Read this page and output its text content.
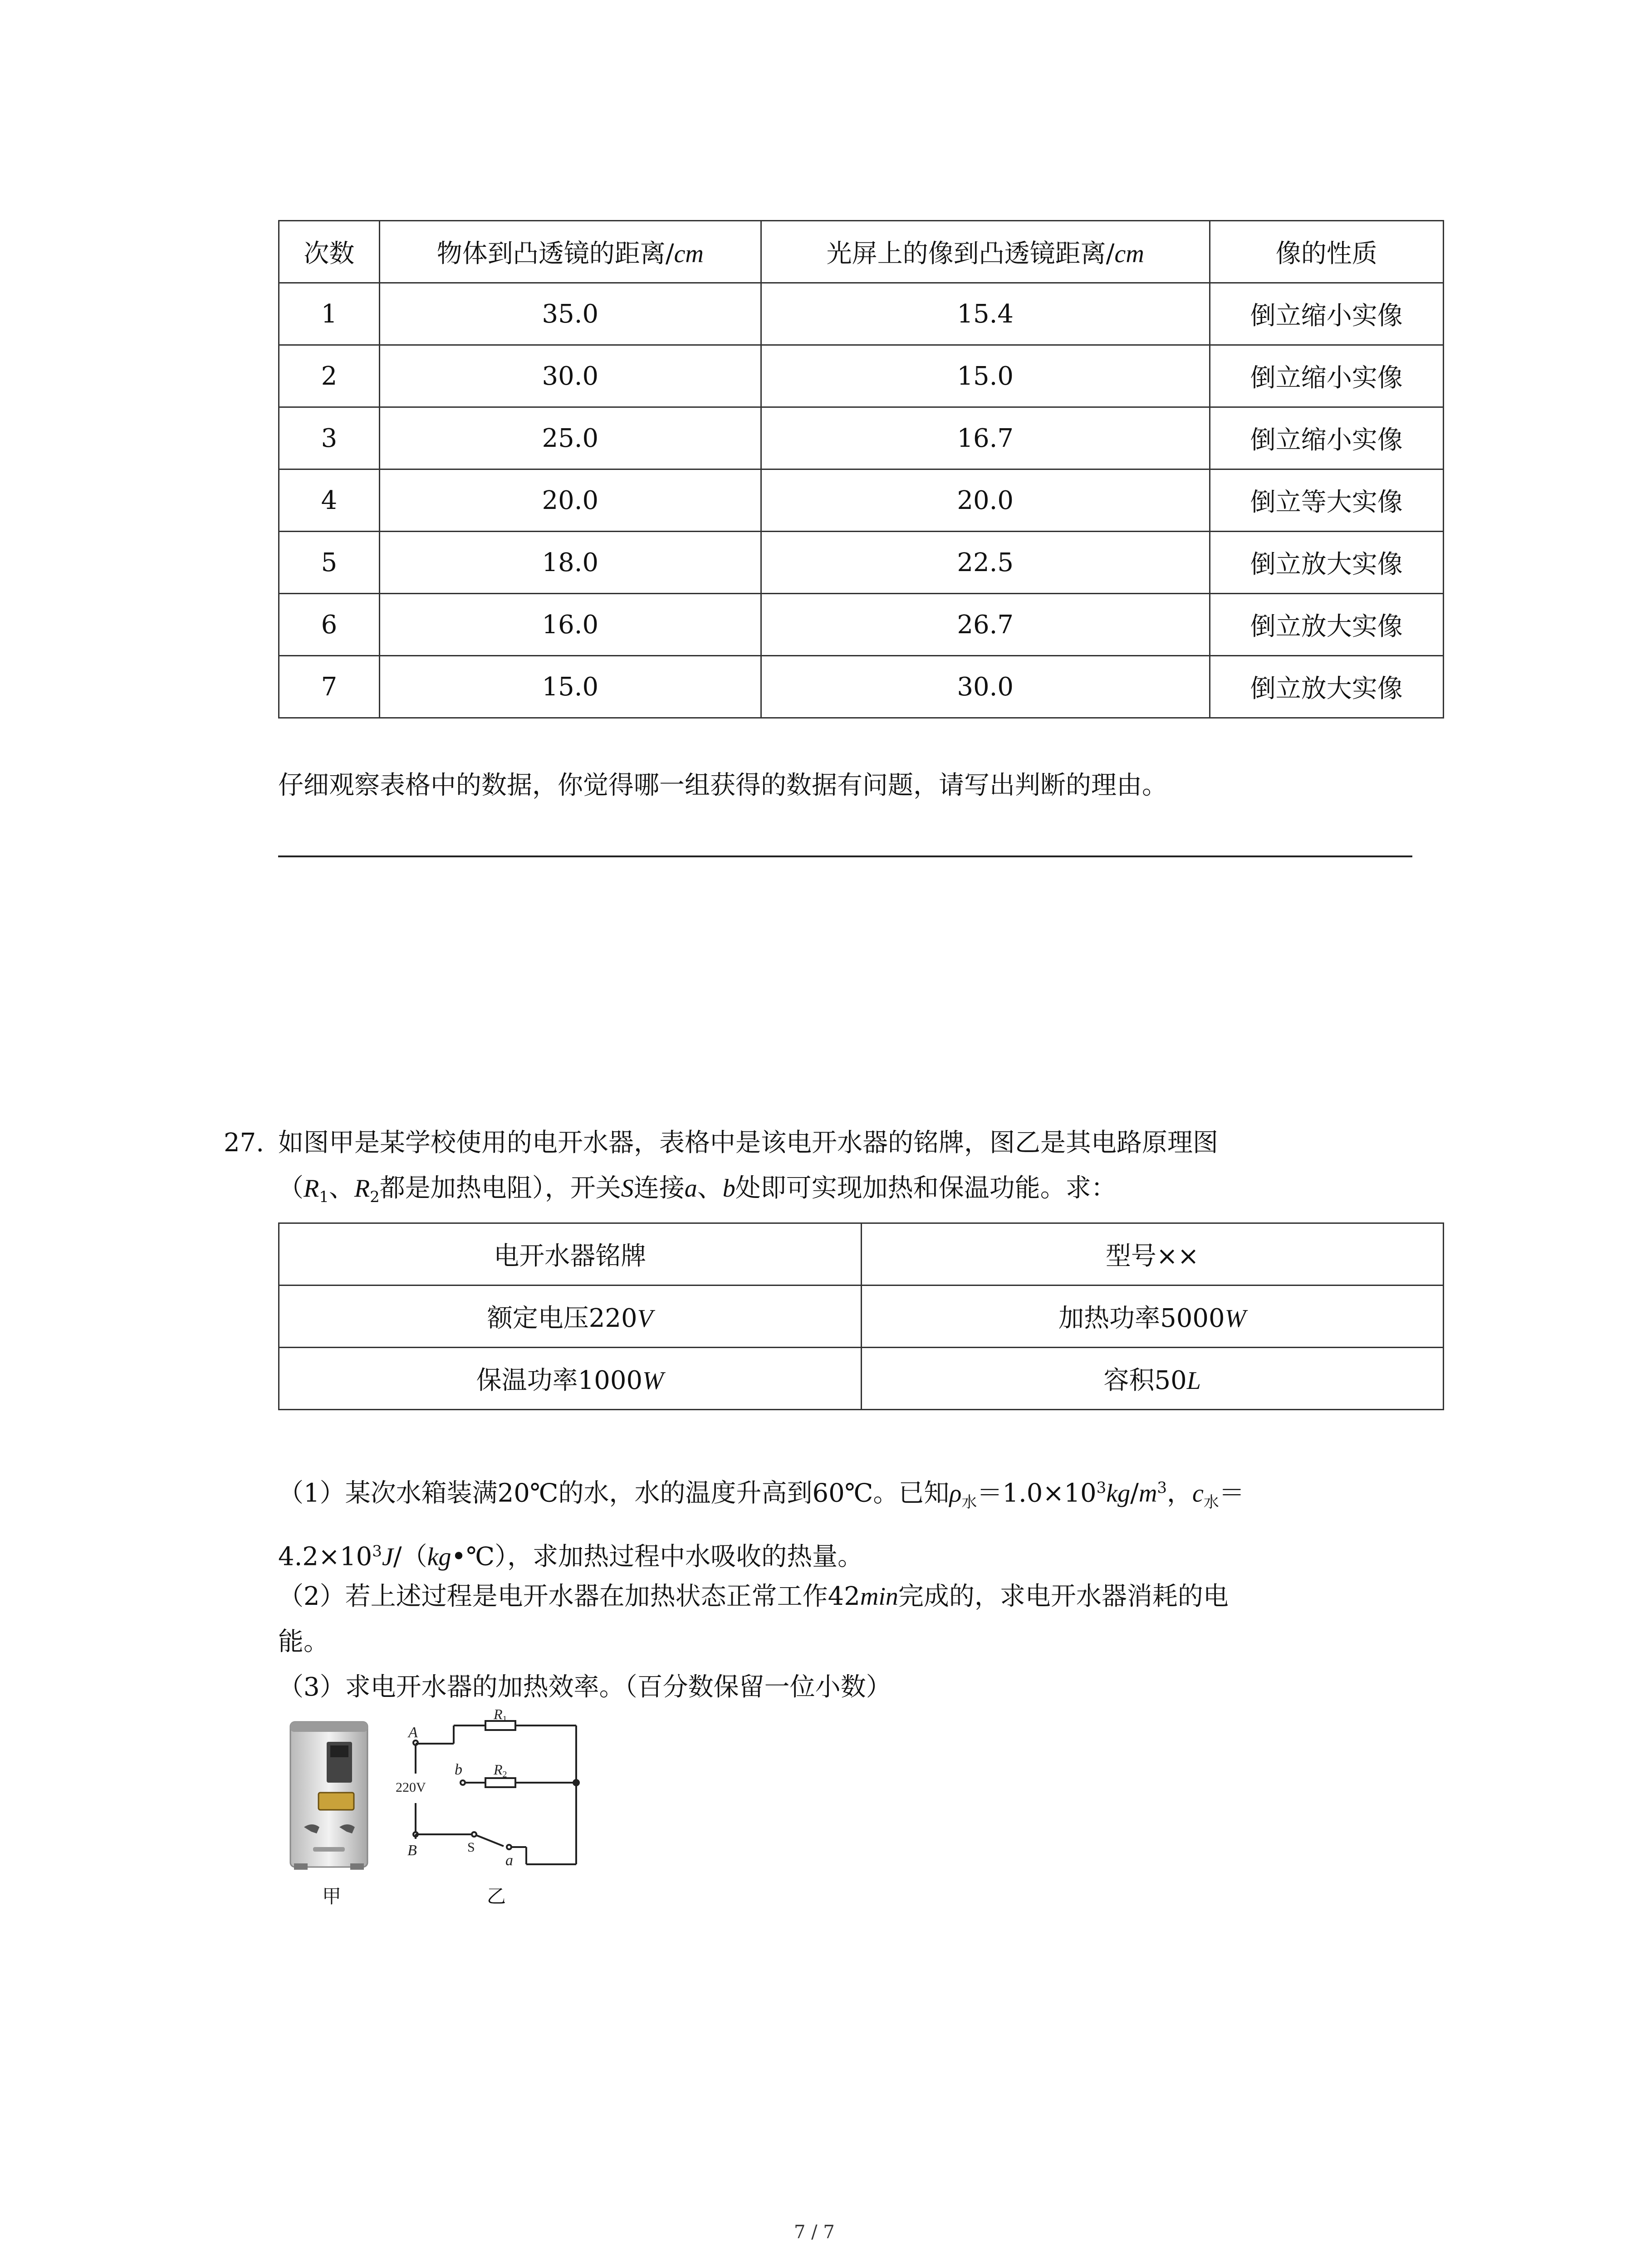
次数	物体到凸透镜的距离/cm	光屏上的像到凸透镜距离/cm	像的性质
1	35.0	15.4	倒立缩小实像
2	30.0	15.0	倒立缩小实像
3	25.0	16.7	倒立缩小实像
4	20.0	20.0	倒立等大实像
5	18.0	22.5	倒立放大实像
6	16.0	26.7	倒立放大实像
7	15.0	30.0	倒立放大实像
仔细观察表格中的数据，你觉得哪一组获得的数据有问题，请写出判断的理由。
27. 如图甲是某学校使用的电开水器，表格中是该电开水器的铭牌，图乙是其电路原理图
（$R_1$、$R_2$都是加热电阻），开关S连接a、b处即可实现加热和保温功能。求：
电开水器铭牌	型号××
额定电压220V	加热功率5000W
保温功率1000W	容积50L
（1）某次水箱装满20℃的水，水的温度升高到60℃。已知$\rho_水=1.0\times 10^3kg/m^3$，$c_水=$
$4.2\times 10^3J/(kg•℃)$，求加热过程中水吸收的热量。
（2）若上述过程是电开水器在加热状态正常工作42min完成的，求电开水器消耗的电
能。
（3）求电开水器的加热效率。（百分数保留一位小数）
甲
A
220V
B
b
S
a
R1
R2
乙
7 / 7
